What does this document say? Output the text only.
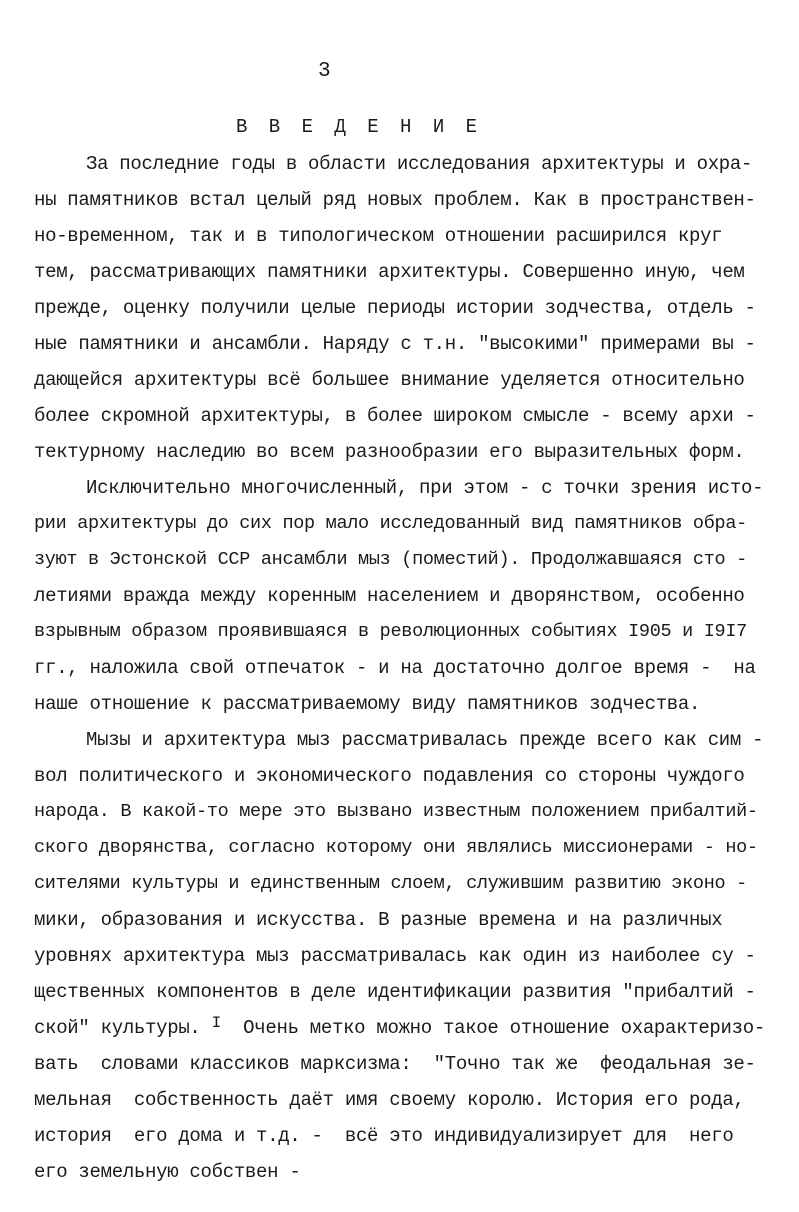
3
В В Е Д Е Н И Е
За последние годы в области исследования архитектуры и охра-
ны памятников встал целый ряд новых проблем. Как в пространствен-
но-временном, так и в типологическом отношении расширился круг
тем, рассматривающих памятники архитектуры. Совершенно иную, чем
прежде, оценку получили целые периоды истории зодчества, отдель -
ные памятники и ансамбли. Наряду с т.н. "высокими" примерами вы -
дающейся архитектуры всё большее внимание уделяется относительно
более скромной архитектуры, в более широком смысле - всему архи -
тектурному наследию во всем разнообразии его выразительных форм.
Исключительно многочисленный, при этом - с точки зрения исто-
рии архитектуры до сих пор мало исследованный вид памятников обра-
зуют в Эстонской ССР ансамбли мыз (поместий). Продолжавшаяся сто -
летиями вражда между коренным населением и дворянством, особенно
взрывным образом проявившаяся в революционных событиях I905 и I9I7
гг., наложила свой отпечаток - и на достаточно долгое время -  на
наше отношение к рассматриваемому виду памятников зодчества.
Мызы и архитектура мыз рассматривалась прежде всего как сим -
вол политического и экономического подавления со стороны чуждого
народа. В какой-то мере это вызвано известным положением прибалтий-
ского дворянства, согласно которому они являлись миссионерами - но-
сителями культуры и единственным слоем, служившим развитию эконо -
мики, образования и искусства. В разные времена и на различных
уровнях архитектура мыз рассматривалась как один из наиболее су -
щественных компонентов в деле идентификации развития "прибалтий -
ской" культуры. $^I$  Очень метко можно такое отношение охарактеризо-
вать  словами классиков марксизма:  "Точно так же  феодальная зе-
мельная  собственность даёт имя своему королю. История его рода,
история  его дома и т.д. -  всё это индивидуализирует для  него
его земельную собствен -
